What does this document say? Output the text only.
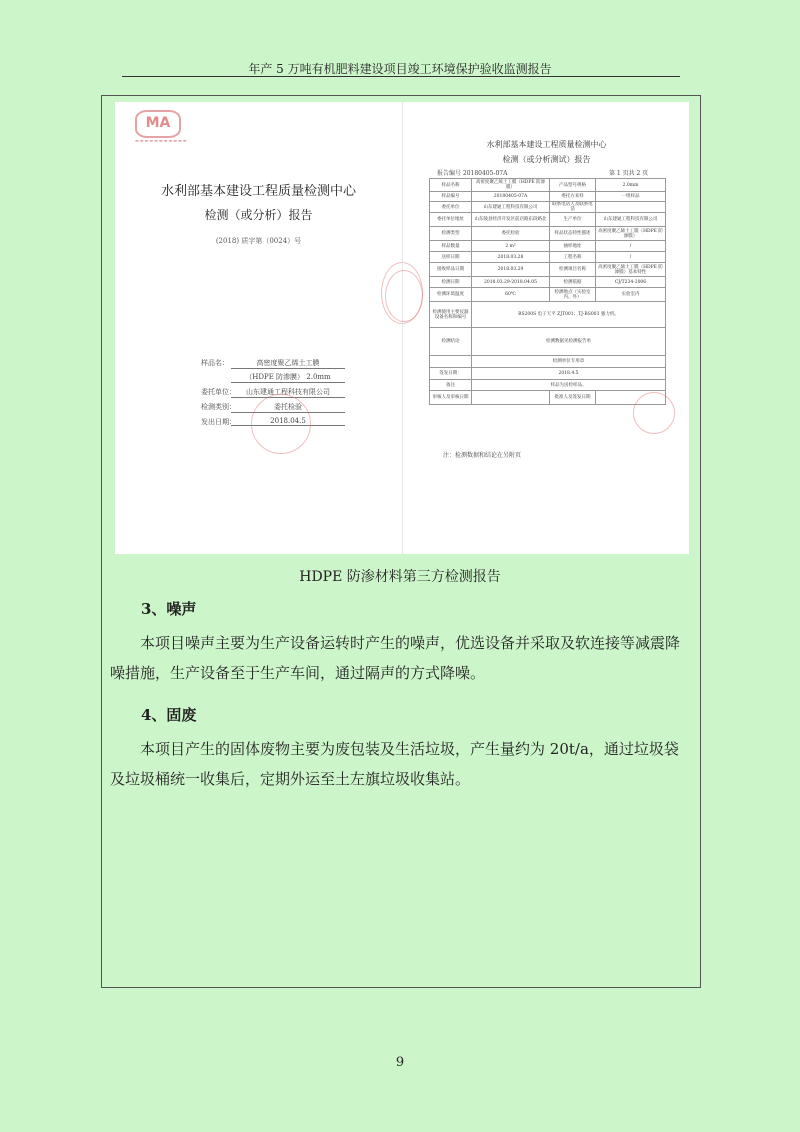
年产 5 万吨有机肥料建设项目竣工环境保护验收监测报告
MA
▬▬▬▬▬▬▬▬▬▬▬
水利部基本建设工程质量检测中心
检测（或分析）报告
(2018) 质字第（0024）号
样品名：	高密度聚乙烯土工膜
（HDPE 防渗膜） 2.0mm
委托单位：	山东建通工程科技有限公司
检测类别：	委托检验
发出日期：	2018.04.5
水利部基本建设工程质量检测中心
检测（或分析测试）报告
报告编号 20180405-07A	第 1 页共 2 页
样品名称	高密度聚乙烯土工膜（HDPE 防渗膜）	产品型号规格	2.0mm
样品编号	20180405-07A	委托方来样	一组样品
委托单位	山东建通工程科技有限公司	联系电话人及联系电话	
委托单位地址	山东陵县经济开发区前店路东段路北	生产单位	山东建通工程科技有限公司
检测类型	委托检验	样品状态特性描述	高密度聚乙烯土工膜（HDPE 防渗膜）
样品数量	2 m²	抽样地址	/
送样日期	2018.03.28	工程名称	/
接收样品日期	2018.03.29	检测项目名称	高密度聚乙烯土工膜（HDPE 防渗膜）基本特性
检测日期	2018.03.29-2018.04.05	检测依据	CJ/T234-2006
检测环境温度	60℃	检测地点（实验室内、外）	实验室内
检测使用主要仪器设备名称和编号	BS200S 电子天平 ZJT001；TJ-BS003 强力机。		
检测结论	检测数据见检测报告单		
	检测单位专用章		
签发日期：	2018.4.5		
备注	样品为送检样品。		
审核人及审核日期		批准人及签发日期	
注：检测数据和结论在另附页
HDPE 防渗材料第三方检测报告
3、噪声
本项目噪声主要为生产设备运转时产生的噪声，优选设备并采取及软连接等减震降噪措施，生产设备至于生产车间，通过隔声的方式降噪。
4、固废
本项目产生的固体废物主要为废包装及生活垃圾，产生量约为 20t/a，通过垃圾袋及垃圾桶统一收集后，定期外运至土左旗垃圾收集站。
9
